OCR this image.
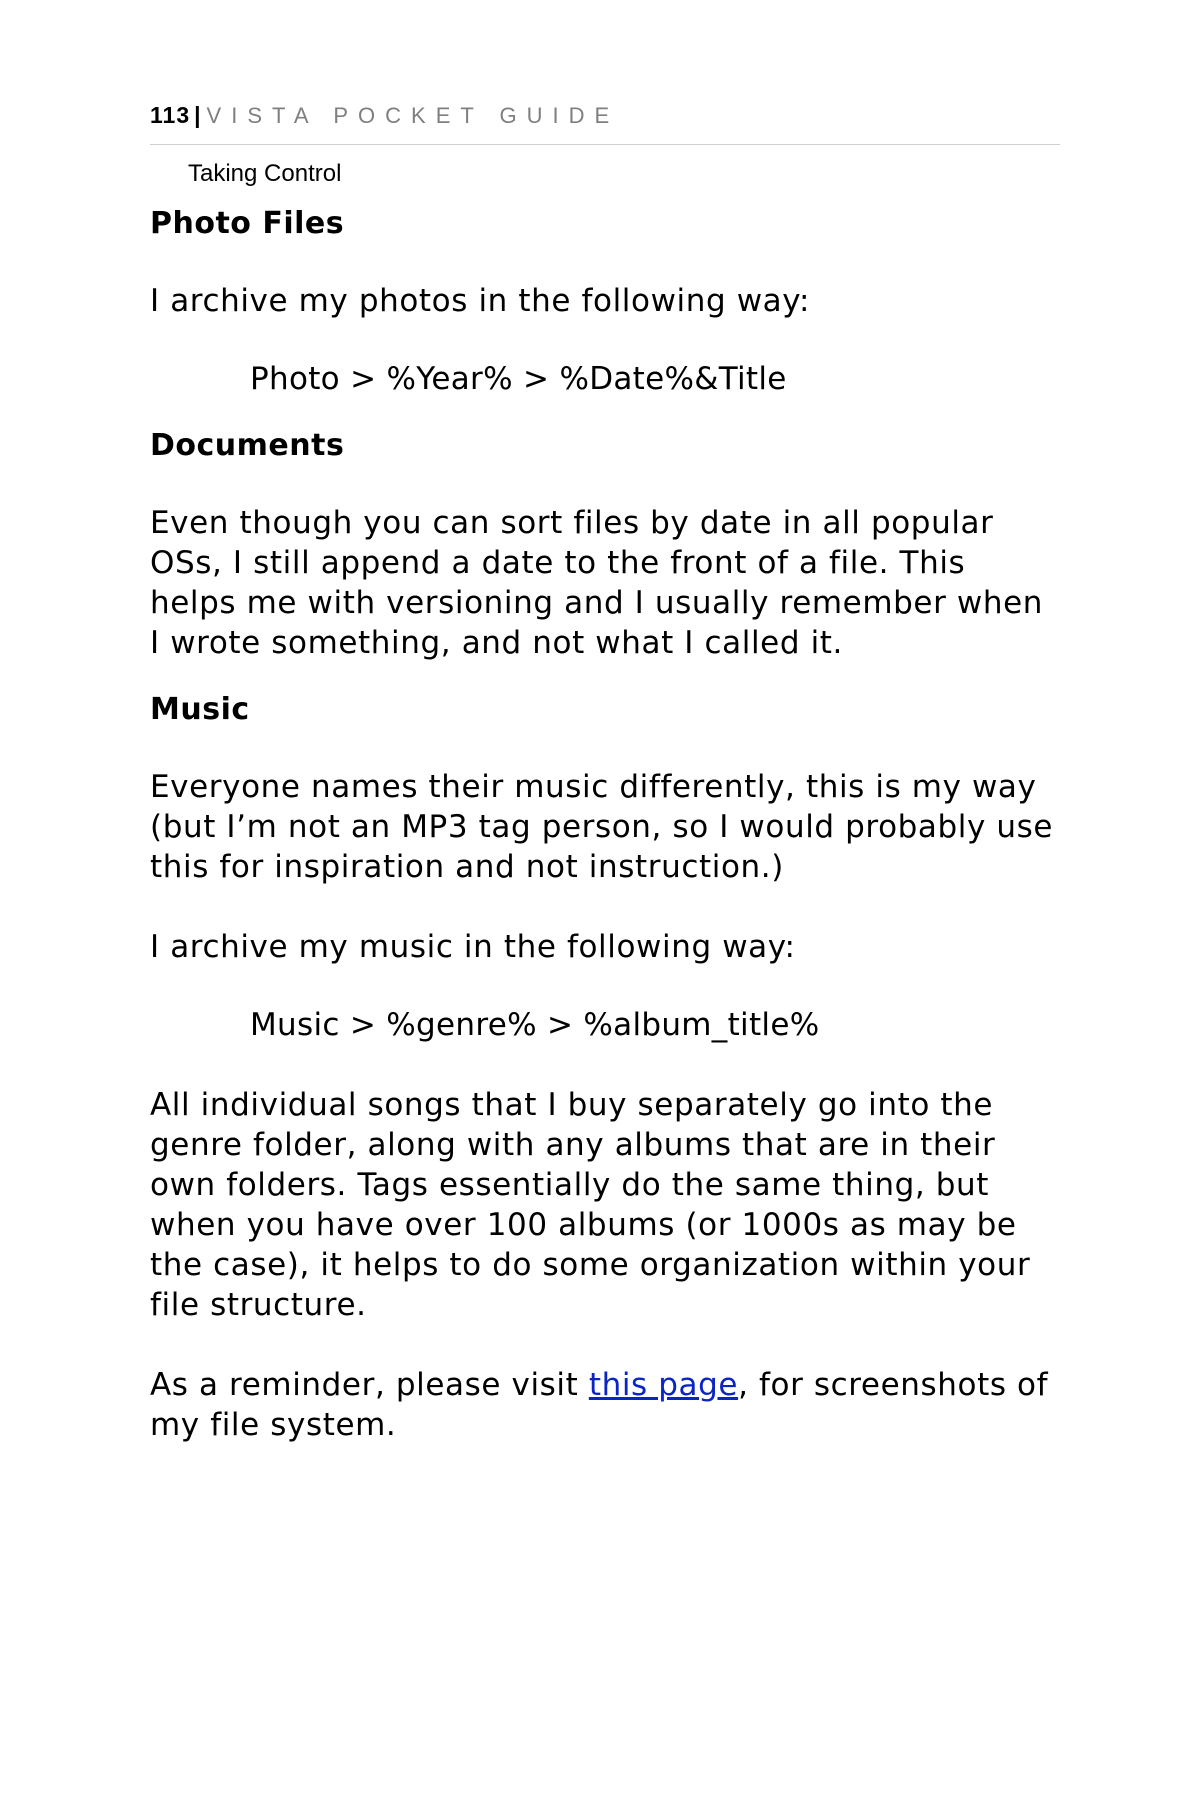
113 | VISTA POCKET GUIDE
Taking Control
Photo Files

I archive my photos in the following way:

Photo > %Year% > %Date%&Title
Documents

Even though you can sort files by date in all popular OSs, I still append a date to the front of a file. This helps me with versioning and I usually remember when I wrote something, and not what I called it.

Music

Everyone names their music differently, this is my way (but I’m not an MP3 tag person, so I would probably use this for inspiration and not instruction.)

I archive my music in the following way:

Music > %genre% > %album_title%

All individual songs that I buy separately go into the genre folder, along with any albums that are in their own folders. Tags essentially do the same thing, but when you have over 100 albums (or 1000s as may be the case), it helps to do some organization within your file structure.

As a reminder, please visit this page, for screenshots of my file system.
